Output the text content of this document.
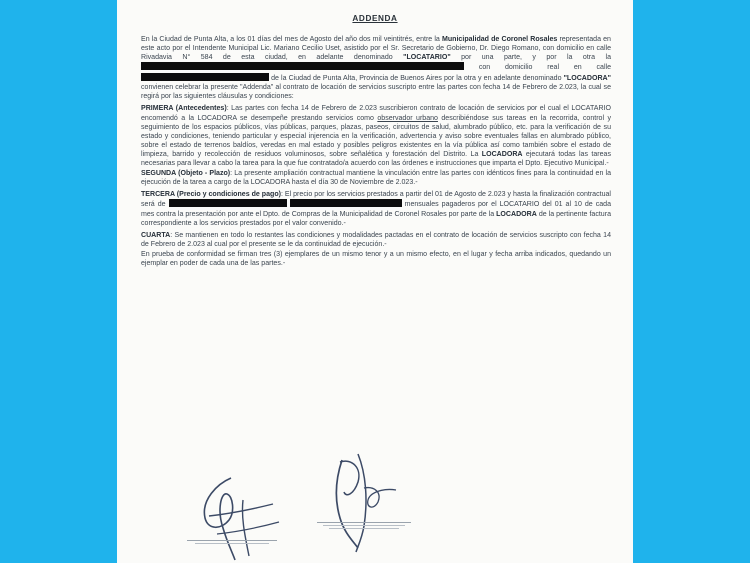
ADDENDA

En la Ciudad de Punta Alta, a los 01 días del mes de Agosto del año dos mil veintitrés, entre la Municipalidad de Coronel Rosales representada en este acto por el Intendente Municipal Lic. Mariano Cecilio Uset, asistido por el Sr. Secretario de Gobierno, Dr. Diego Romano, con domicilio en calle Rivadavia N° 584 de esta ciudad, en adelante denominado "LOCATARIO" por una parte, y por la otra la  con domicilio real en calle  de la Ciudad de Punta Alta, Provincia de Buenos Aires por la otra y en adelante denominado "LOCADORA" convienen celebrar la presente "Addenda" al contrato de locación de servicios suscripto entre las partes con fecha 14 de Febrero de 2.023, la cual se regirá por las siguientes cláusulas y condiciones:

PRIMERA (Antecedentes): Las partes con fecha 14 de Febrero de 2.023 suscribieron contrato de locación de servicios por el cual el LOCATARIO encomendó a la LOCADORA se desempeñe prestando servicios como observador urbano describiéndose sus tareas en la recorrida, control y seguimiento de los espacios públicos, vías públicas, parques, plazas, paseos, circuitos de salud, alumbrado público, etc. para la verificación de su estado y condiciones, teniendo particular y especial injerencia en la verificación, advertencia y aviso sobre eventuales fallas en alumbrado público, sobre el estado de terrenos baldíos, veredas en mal estado y posibles peligros existentes en la vía pública así como también sobre el estado de limpieza, barrido y recolección de residuos voluminosos, sobre señalética y forestación del Distrito. La LOCADORA ejecutará todas las tareas necesarias para llevar a cabo la tarea para la que fue contratado/a acuerdo con las órdenes e instrucciones que imparta el Dpto. Ejecutivo Municipal.-
SEGUNDA (Objeto - Plazo): La presente ampliación contractual mantiene la vinculación entre las partes con idénticos fines para la continuidad en la ejecución de la tarea a cargo de la LOCADORA hasta el día 30 de Noviembre de 2.023.-

TERCERA (Precio y condiciones de pago): El precio por los servicios prestados a partir del 01 de Agosto de 2.023 y hasta la finalización contractual será de	mensuales pagaderos por el LOCATARIO del 01 al 10 de cada mes contra la presentación por ante el Dpto. de Compras de la Municipalidad de Coronel Rosales por parte de la LOCADORA de la pertinente factura correspondiente a los servicios prestados por el valor convenido.-

CUARTA: Se mantienen en todo lo restantes las condiciones y modalidades pactadas en el contrato de locación de servicios suscripto con fecha 14 de Febrero de 2.023 al cual por el presente se le da continuidad de ejecución.-
En prueba de conformidad se firman tres (3) ejemplares de un mismo tenor y a un mismo efecto, en el lugar y fecha arriba indicados, quedando un ejemplar en poder de cada una de las partes.-
